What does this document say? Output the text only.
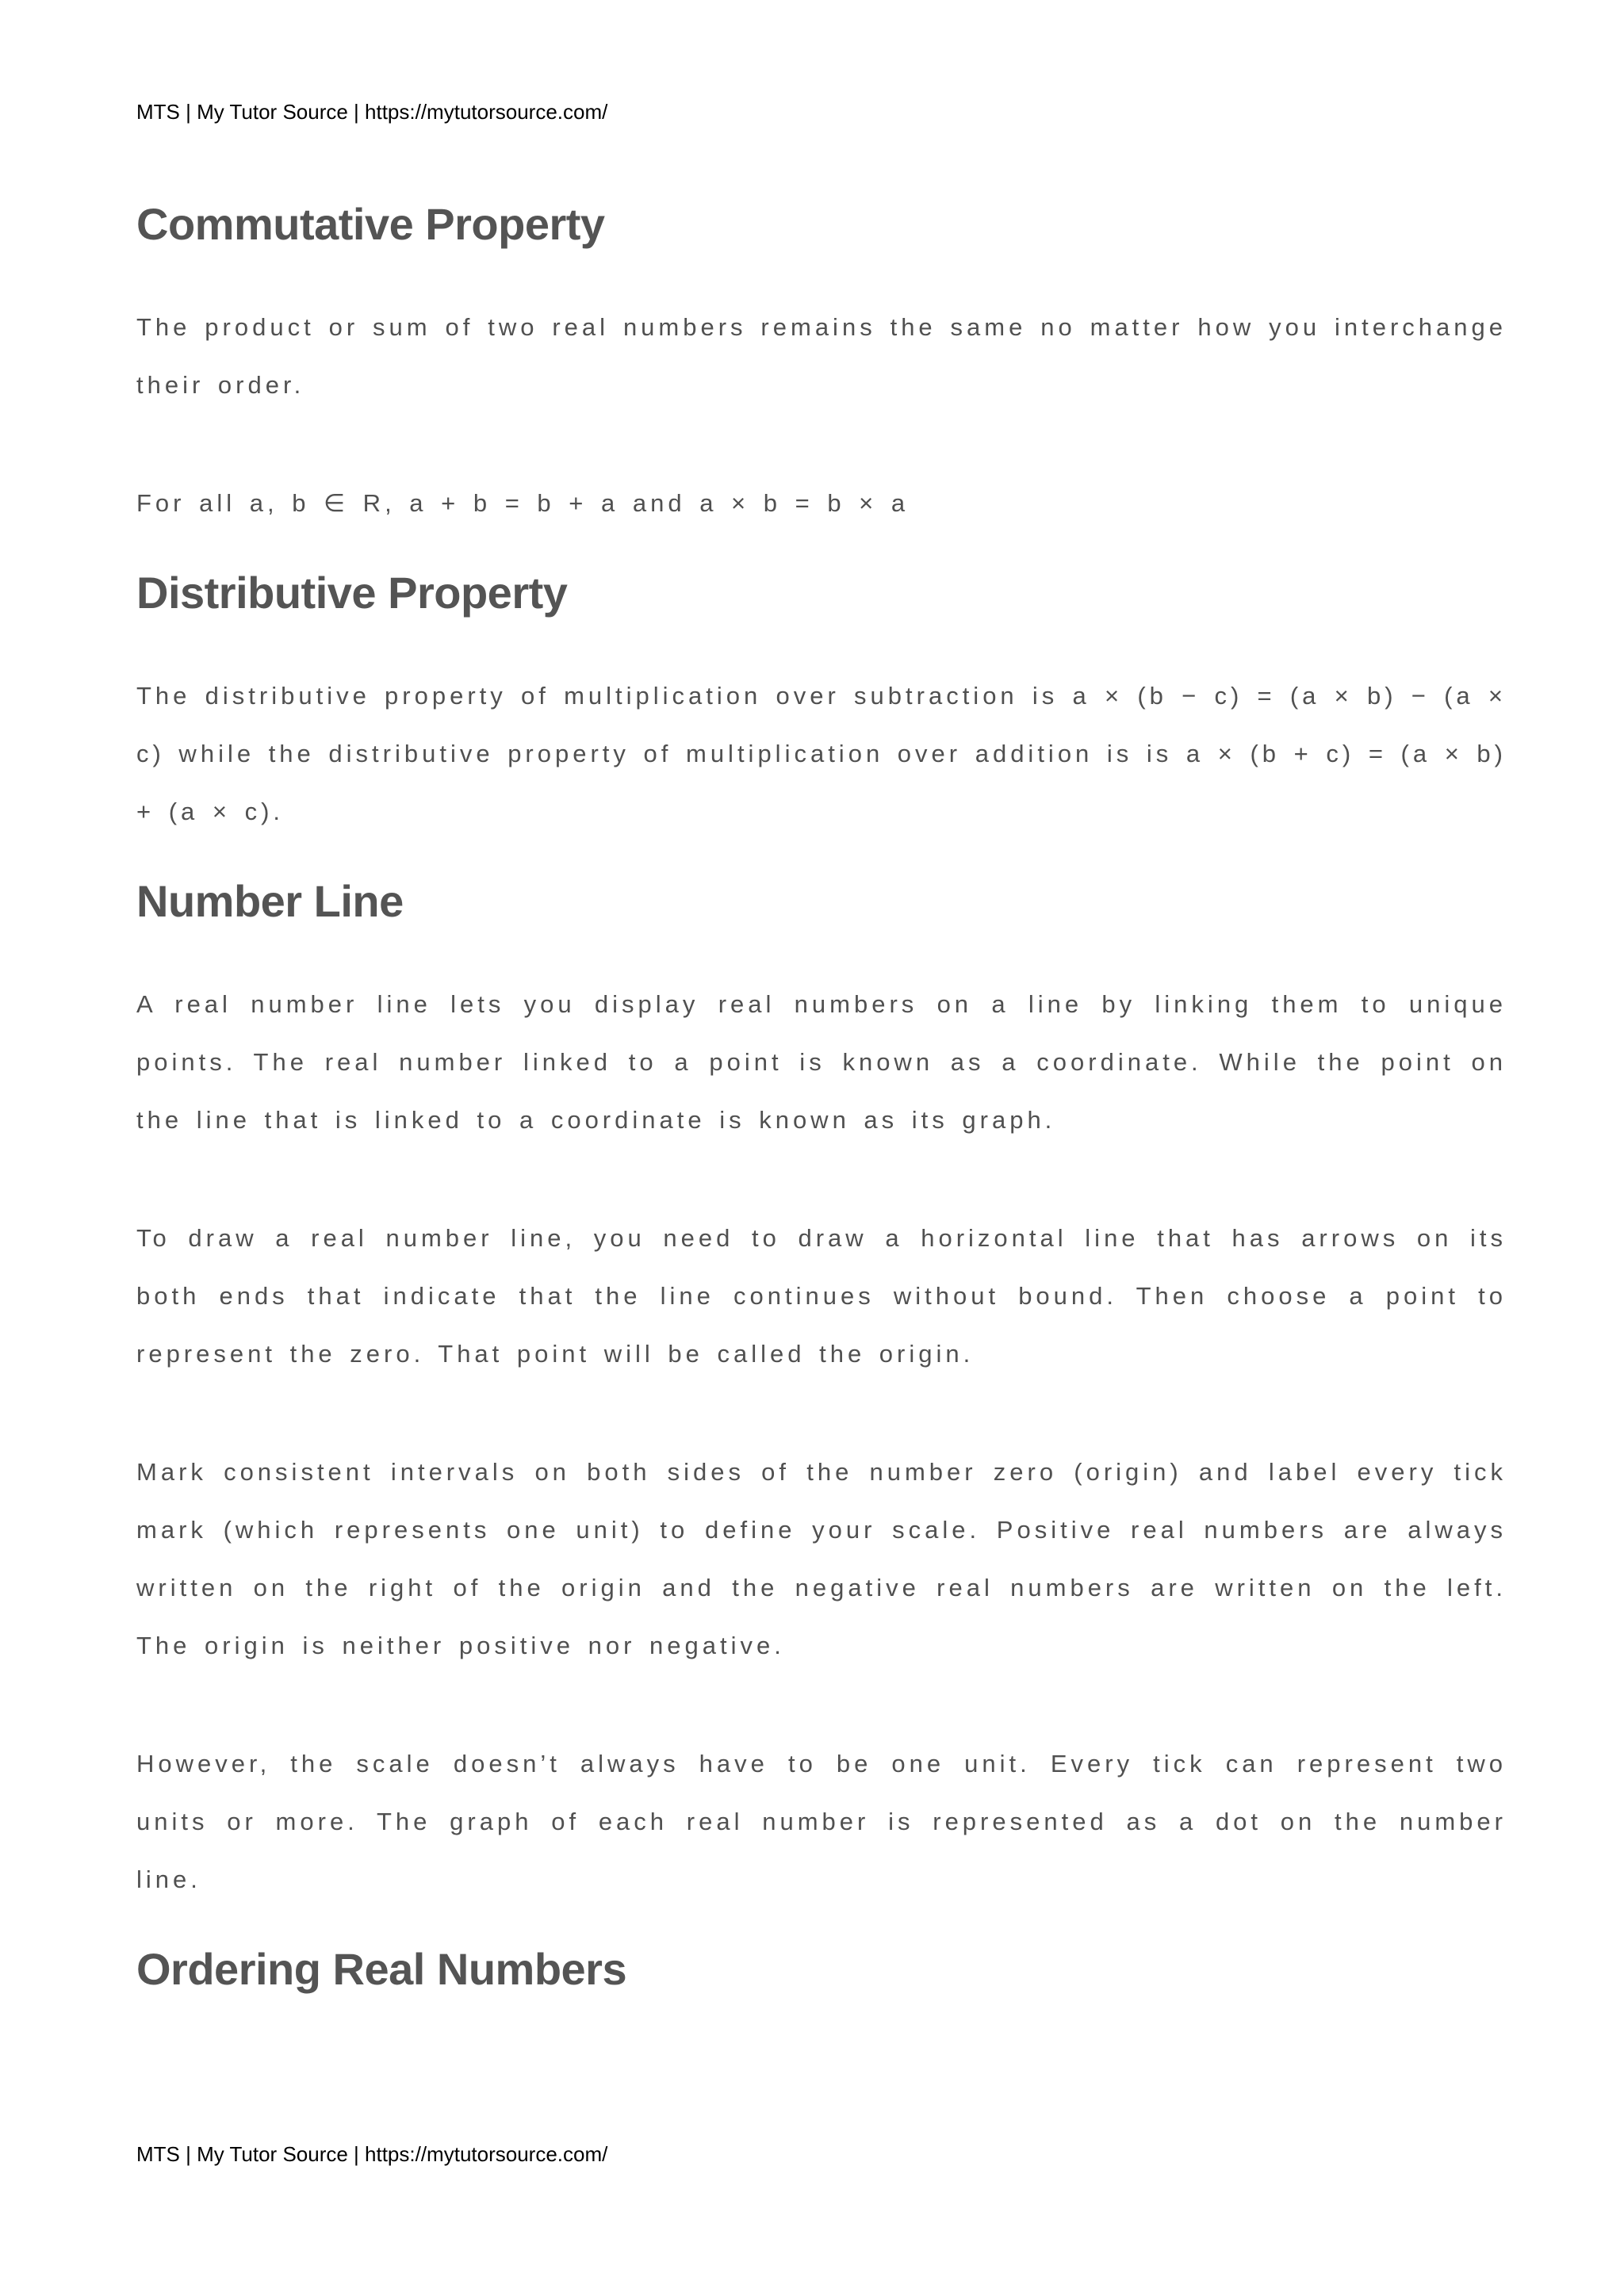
MTS | My Tutor Source | https://mytutorsource.com/
Commutative Property

The product or sum of two real numbers remains the same no matter how you interchange their order.

For all a, b ∈ R, a + b = b + a and a × b = b × a

Distributive Property

The distributive property of multiplication over subtraction is a × (b − c) = (a × b) − (a × c) while the distributive property of multiplication over addition is is a × (b + c) = (a × b) + (a × c).

Number Line

A real number line lets you display real numbers on a line by linking them to unique points. The real number linked to a point is known as a coordinate. While the point on the line that is linked to a coordinate is known as its graph.

To draw a real number line, you need to draw a horizontal line that has arrows on its both ends that indicate that the line continues without bound. Then choose a point to represent the zero. That point will be called the origin.

Mark consistent intervals on both sides of the number zero (origin) and label every tick mark (which represents one unit) to define your scale. Positive real numbers are always written on the right of the origin and the negative real numbers are written on the left. The origin is neither positive nor negative.

However, the scale doesn’t always have to be one unit. Every tick can represent two units or more. The graph of each real number is represented as a dot on the number line.

Ordering Real Numbers
MTS | My Tutor Source | https://mytutorsource.com/
